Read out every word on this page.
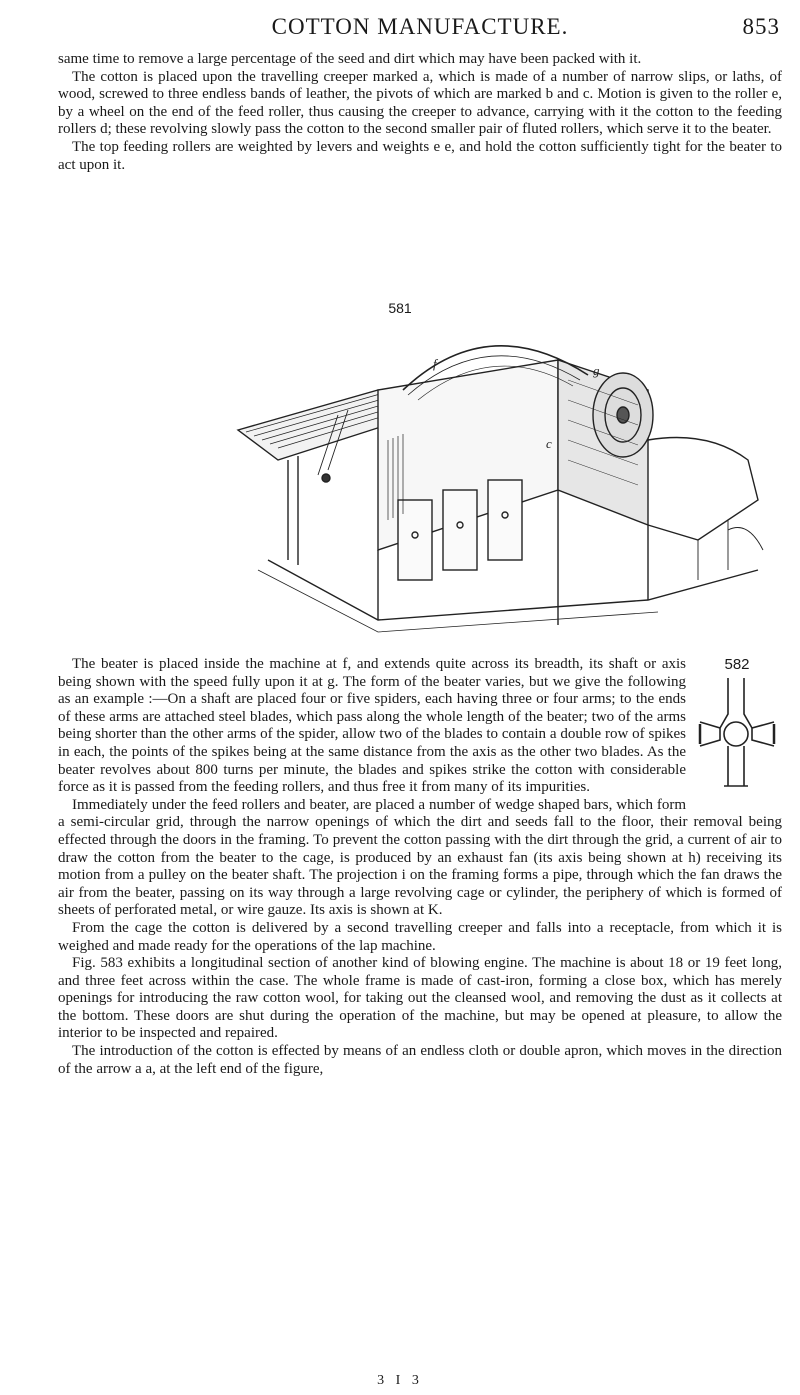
COTTON MANUFACTURE.	853

same time to remove a large percentage of the seed and dirt which may have been packed with it.

The cotton is placed upon the travelling creeper marked a, which is made of a number of narrow slips, or laths, of wood, screwed to three endless bands of leather, the pivots of which are marked b and c. Motion is given to the roller e, by a wheel on the end of the feed roller, thus causing the creeper to advance, carrying with it the cotton to the feeding rollers d; these revolving slowly pass the cotton to the second smaller pair of fluted rollers, which serve it to the beater.

The top feeding rollers are weighted by levers and weights e e, and hold the cotton sufficiently tight for the beater to act upon it.

581
f	g
c
582

The beater is placed inside the machine at f, and extends quite across its breadth, its shaft or axis being shown with the speed fully upon it at g. The form of the beater varies, but we give the following as an example :—On a shaft are placed four or five spiders, each having three or four arms; to the ends of these arms are attached steel blades, which pass along the whole length of the beater; two of the arms being shorter than the other arms of the spider, allow two of the blades to contain a double row of spikes in each, the points of the spikes being at the same distance from the axis as the other two blades. As the beater revolves about 800 turns per minute, the blades and spikes strike the cotton with considerable force as it is passed from the feeding rollers, and thus free it from many of its impurities.

Immediately under the feed rollers and beater, are placed a number of wedge shaped bars, which form a semi-circular grid, through the narrow openings of which the dirt and seeds fall to the floor, their removal being effected through the doors in the framing. To prevent the cotton passing with the dirt through the grid, a current of air to draw the cotton from the beater to the cage, is produced by an exhaust fan (its axis being shown at h) receiving its motion from a pulley on the beater shaft. The projection i on the framing forms a pipe, through which the fan draws the air from the beater, passing on its way through a large revolving cage or cylinder, the periphery of which is formed of sheets of perforated metal, or wire gauze. Its axis is shown at K.

From the cage the cotton is delivered by a second travelling creeper and falls into a receptacle, from which it is weighed and made ready for the operations of the lap machine.

Fig. 583 exhibits a longitudinal section of another kind of blowing engine. The machine is about 18 or 19 feet long, and three feet across within the case. The whole frame is made of cast-iron, forming a close box, which has merely openings for introducing the raw cotton wool, for taking out the cleansed wool, and removing the dust as it collects at the bottom. These doors are shut during the operation of the machine, but may be opened at pleasure, to allow the interior to be inspected and repaired.

The introduction of the cotton is effected by means of an endless cloth or double apron, which moves in the direction of the arrow a a, at the left end of the figure,

3 I 3
